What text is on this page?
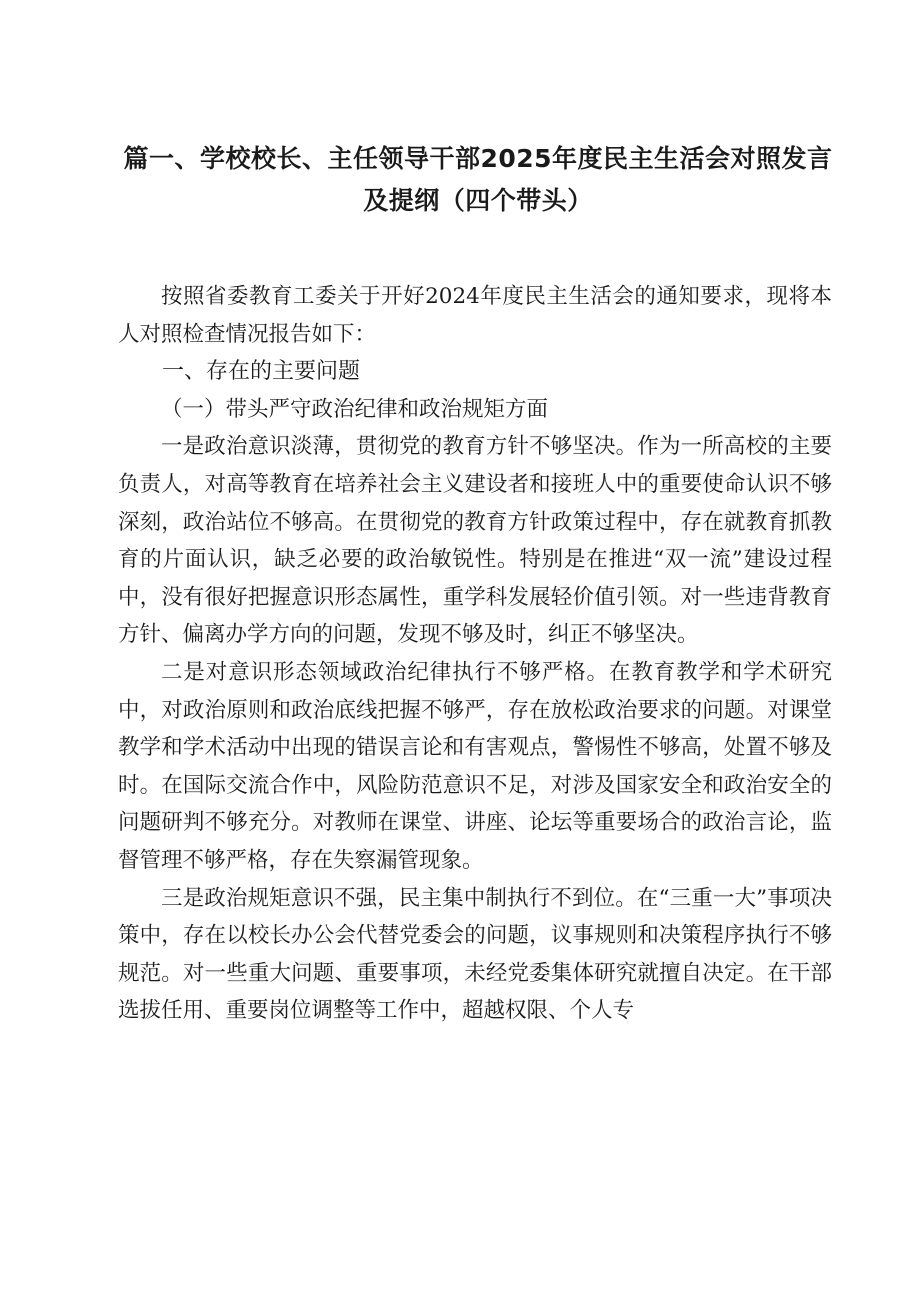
篇一、学校校长、主任领导干部2025年度民主生活会对照发言及提纲（四个带头）

按照省委教育工委关于开好2024年度民主生活会的通知要求，现将本人对照检查情况报告如下：

一、存在的主要问题

（一）带头严守政治纪律和政治规矩方面

一是政治意识淡薄，贯彻党的教育方针不够坚决。作为一所高校的主要负责人，对高等教育在培养社会主义建设者和接班人中的重要使命认识不够深刻，政治站位不够高。在贯彻党的教育方针政策过程中，存在就教育抓教育的片面认识，缺乏必要的政治敏锐性。特别是在推进“双一流”建设过程中，没有很好把握意识形态属性，重学科发展轻价值引领。对一些违背教育方针、偏离办学方向的问题，发现不够及时，纠正不够坚决。

二是对意识形态领域政治纪律执行不够严格。在教育教学和学术研究中，对政治原则和政治底线把握不够严，存在放松政治要求的问题。对课堂教学和学术活动中出现的错误言论和有害观点，警惕性不够高，处置不够及时。在国际交流合作中，风险防范意识不足，对涉及国家安全和政治安全的问题研判不够充分。对教师在课堂、讲座、论坛等重要场合的政治言论，监督管理不够严格，存在失察漏管现象。

三是政治规矩意识不强，民主集中制执行不到位。在“三重一大”事项决策中，存在以校长办公会代替党委会的问题，议事规则和决策程序执行不够规范。对一些重大问题、重要事项，未经党委集体研究就擅自决定。在干部选拔任用、重要岗位调整等工作中，超越权限、个人专
